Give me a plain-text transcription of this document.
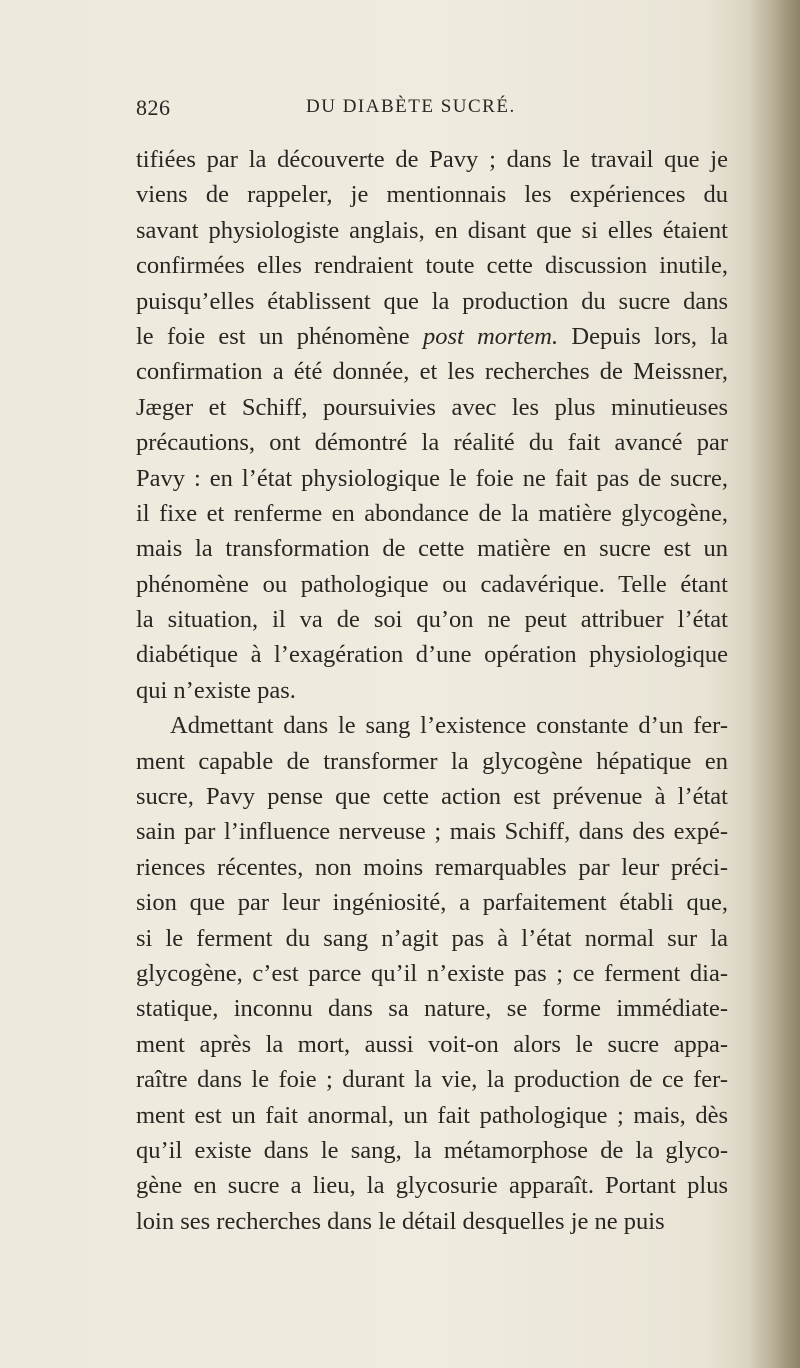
826	DU DIABÈTE SUCRÉ.
tifiées par la découverte de Pavy ; dans le travail que je
viens de rappeler, je mentionnais les expériences du
savant physiologiste anglais, en disant que si elles étaient
confirmées elles rendraient toute cette discussion inutile,
puisqu’elles établissent que la production du sucre dans
le foie est un phénomène post mortem. Depuis lors, la
confirmation a été donnée, et les recherches de Meissner,
Jæger et Schiff, poursuivies avec les plus minutieuses
précautions, ont démontré la réalité du fait avancé par
Pavy : en l’état physiologique le foie ne fait pas de sucre,
il fixe et renferme en abondance de la matière glycogène,
mais la transformation de cette matière en sucre est un
phénomène ou pathologique ou cadavérique. Telle étant
la situation, il va de soi qu’on ne peut attribuer l’état
diabétique à l’exagération d’une opération physiologique
qui n’existe pas.
Admettant dans le sang l’existence constante d’un fer-
ment capable de transformer la glycogène hépatique en
sucre, Pavy pense que cette action est prévenue à l’état
sain par l’influence nerveuse ; mais Schiff, dans des expé-
riences récentes, non moins remarquables par leur préci-
sion que par leur ingéniosité, a parfaitement établi que,
si le ferment du sang n’agit pas à l’état normal sur la
glycogène, c’est parce qu’il n’existe pas ; ce ferment dia-
statique, inconnu dans sa nature, se forme immédiate-
ment après la mort, aussi voit-on alors le sucre appa-
raître dans le foie ; durant la vie, la production de ce fer-
ment est un fait anormal, un fait pathologique ; mais, dès
qu’il existe dans le sang, la métamorphose de la glyco-
gène en sucre a lieu, la glycosurie apparaît. Portant plus
loin ses recherches dans le détail desquelles je ne puis
